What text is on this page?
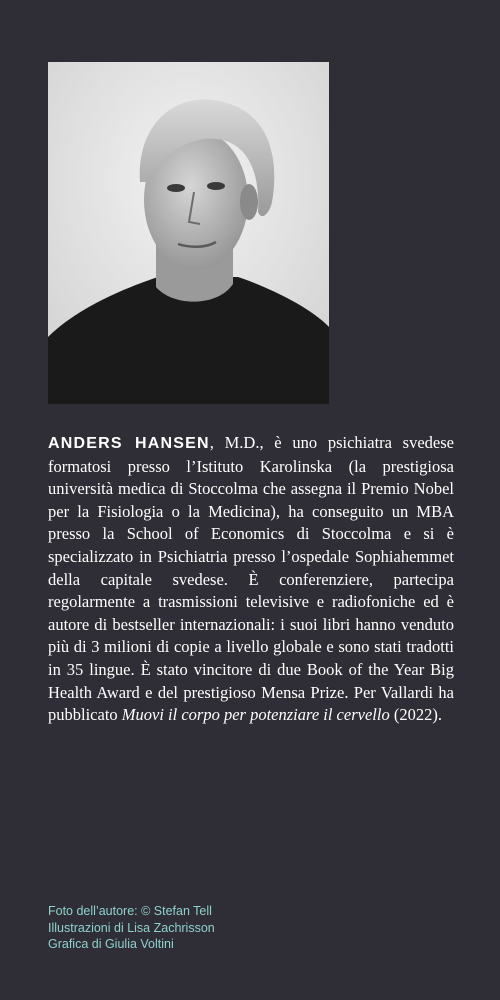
ANDERS HANSEN, M.D., è uno psichiatra svedese formatosi presso l’Istituto Karolinska (la prestigiosa università medica di Stoccolma che assegna il Premio Nobel per la Fisiologia o la Medicina), ha conseguito un MBA presso la School of Economics di Stoccolma e si è specializzato in Psichiatria presso l’ospedale Sophiahemmet della capitale svedese. È conferenziere, partecipa regolarmente a trasmissioni televisive e radiofoniche ed è autore di bestseller internazionali: i suoi libri hanno venduto più di 3 milioni di copie a livello globale e sono stati tradotti in 35 lingue. È stato vincitore di due Book of the Year Big Health Award e del prestigioso Mensa Prize. Per Vallardi ha pubblicato Muovi il corpo per potenziare il cervello (2022).

Foto dell’autore: © Stefan Tell
Illustrazioni di Lisa Zachrisson
Grafica di Giulia Voltini
